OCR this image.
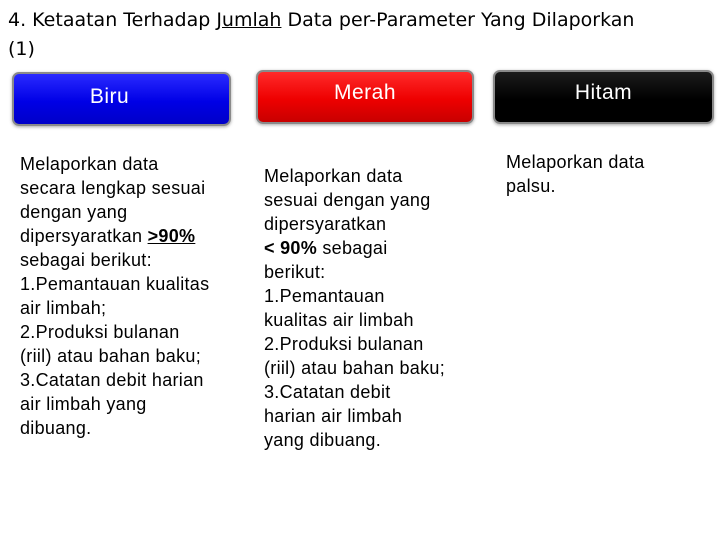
4. Ketaatan Terhadap Jumlah Data per-Parameter Yang Dilaporkan
(1)
Biru	Merah	Hitam
Melaporkan data
secara lengkap sesuai
dengan yang
dipersyaratkan >90%
sebagai berikut:
1.Pemantauan kualitas
air limbah;
2.Produksi bulanan
(riil) atau bahan baku;
3.Catatan debit harian
air limbah yang
dibuang.
Melaporkan data
sesuai dengan yang
dipersyaratkan
< 90% sebagai
berikut:
1.Pemantauan
kualitas air limbah
2.Produksi bulanan
(riil) atau bahan baku;
3.Catatan debit
harian air limbah
yang dibuang.
Melaporkan data
palsu.
